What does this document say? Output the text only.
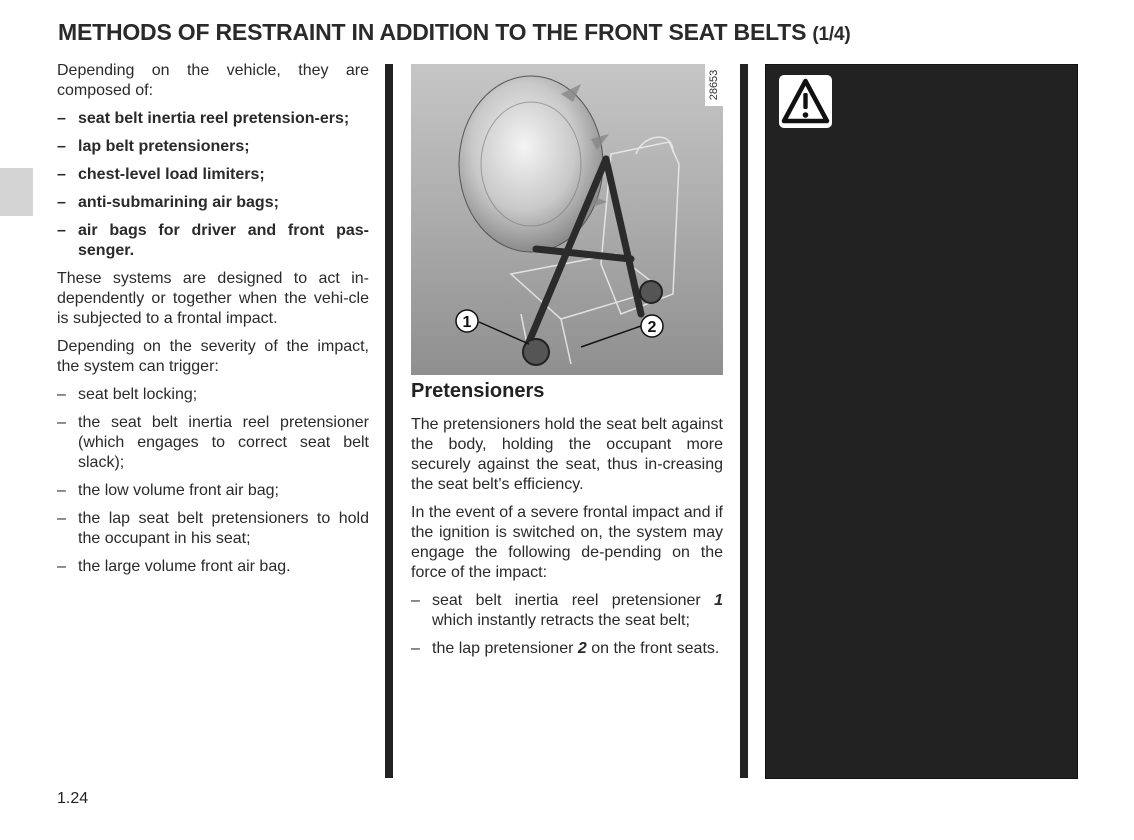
METHODS OF RESTRAINT IN ADDITION TO THE FRONT SEAT BELTS (1/4)

Depending on the vehicle, they are composed of:

– seat belt inertia reel pretension-ers;
– lap belt pretensioners;
– chest-level load limiters;
– anti-submarining air bags;
– air bags for driver and front pas-senger.

These systems are designed to act in-dependently or together when the vehi-cle is subjected to a frontal impact.

Depending on the severity of the impact, the system can trigger:

– seat belt locking;
– the seat belt inertia reel pretensioner (which engages to correct seat belt slack);
– the low volume front air bag;
– the lap seat belt pretensioners to hold the occupant in his seat;
– the large volume front air bag.
1	2
28653
Pretensioners

The pretensioners hold the seat belt against the body, holding the occupant more securely against the seat, thus in-creasing the seat belt’s efficiency.

In the event of a severe frontal impact and if the ignition is switched on, the system may engage the following de-pending on the force of the impact:

– seat belt inertia reel pretensioner 1 which instantly retracts the seat belt;
– the lap pretensioner 2 on the front seats.
1.24
